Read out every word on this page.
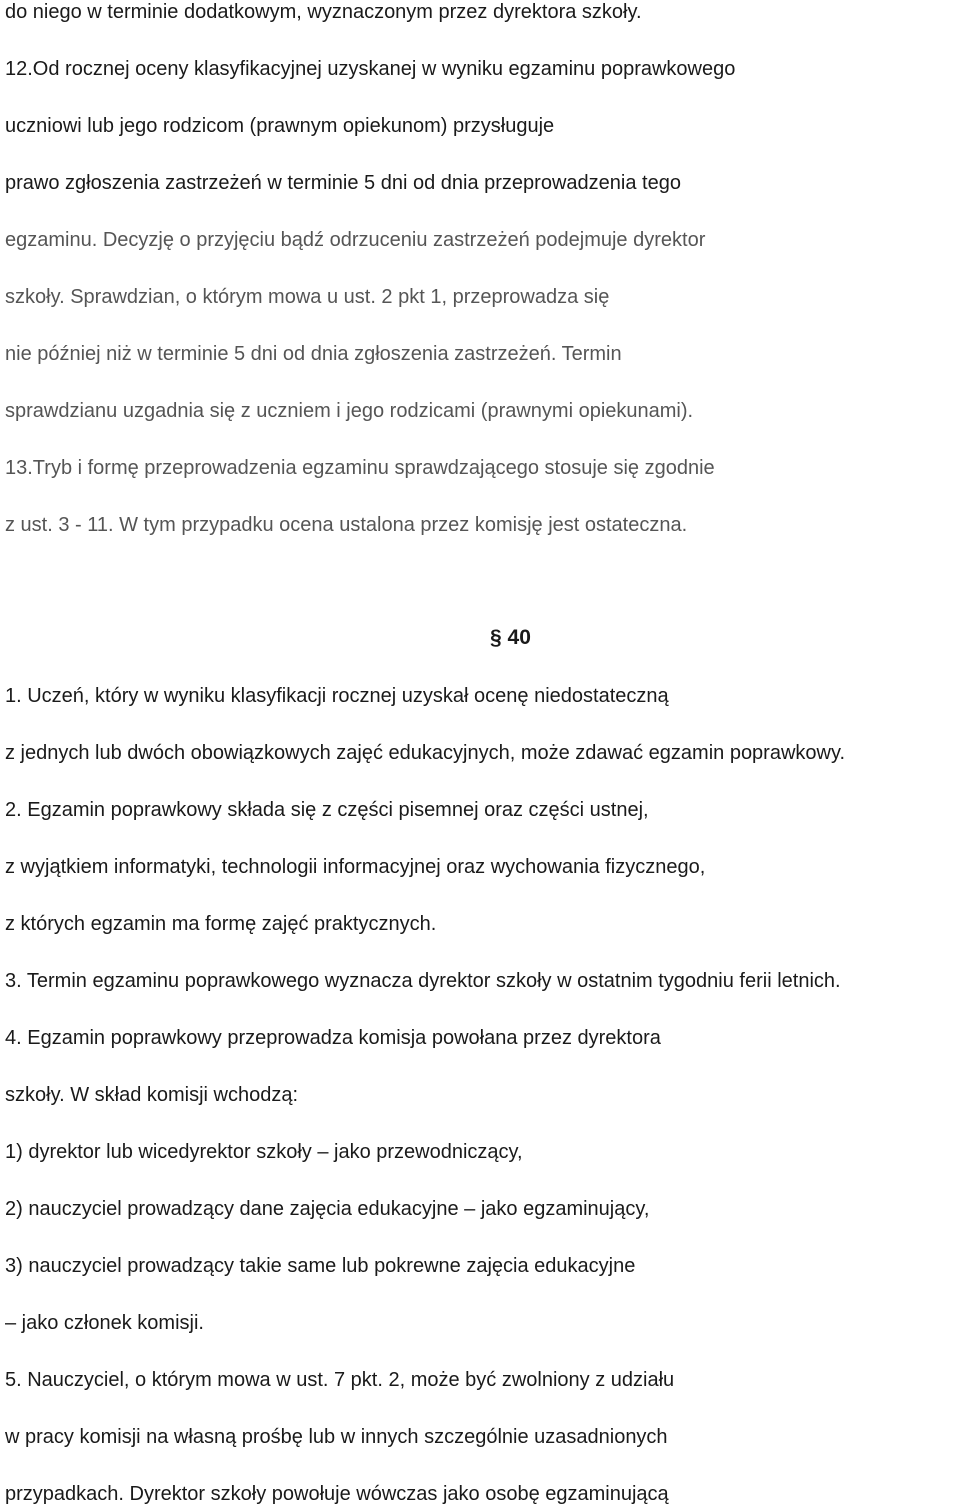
do niego w terminie dodatkowym, wyznaczonym przez dyrektora szkoły.
12.Od rocznej oceny klasyfikacyjnej uzyskanej w wyniku egzaminu poprawkowego
uczniowi lub jego rodzicom (prawnym opiekunom) przysługuje
prawo zgłoszenia zastrzeżeń w terminie 5 dni od dnia przeprowadzenia tego
egzaminu. Decyzję o przyjęciu bądź odrzuceniu zastrzeżeń podejmuje dyrektor
szkoły. Sprawdzian, o którym mowa u ust. 2 pkt 1, przeprowadza się
nie później niż w terminie 5 dni od dnia zgłoszenia zastrzeżeń. Termin
sprawdzianu uzgadnia się z uczniem i jego rodzicami (prawnymi opiekunami).
13.Tryb i formę przeprowadzenia egzaminu sprawdzającego stosuje się zgodnie
z ust. 3 - 11. W tym przypadku ocena ustalona przez komisję jest ostateczna.
§ 40
1. Uczeń, który w wyniku klasyfikacji rocznej uzyskał ocenę niedostateczną
z jednych lub dwóch obowiązkowych zajęć edukacyjnych, może zdawać egzamin poprawkowy.
2. Egzamin poprawkowy składa się z części pisemnej oraz części ustnej,
z wyjątkiem informatyki, technologii informacyjnej oraz wychowania fizycznego,
z których egzamin ma formę zajęć praktycznych.
3. Termin egzaminu poprawkowego wyznacza dyrektor szkoły w ostatnim tygodniu ferii letnich.
4. Egzamin poprawkowy przeprowadza komisja powołana przez dyrektora
szkoły. W skład komisji wchodzą:
1) dyrektor lub wicedyrektor szkoły – jako przewodniczący,
2) nauczyciel prowadzący dane zajęcia edukacyjne – jako egzaminujący,
3) nauczyciel prowadzący takie same lub pokrewne zajęcia edukacyjne
– jako członek komisji.
5. Nauczyciel, o którym mowa w ust. 7 pkt. 2, może być zwolniony z udziału
w pracy komisji na własną prośbę lub w innych szczególnie uzasadnionych
przypadkach. Dyrektor szkoły powołuje wówczas jako osobę egzaminującą
